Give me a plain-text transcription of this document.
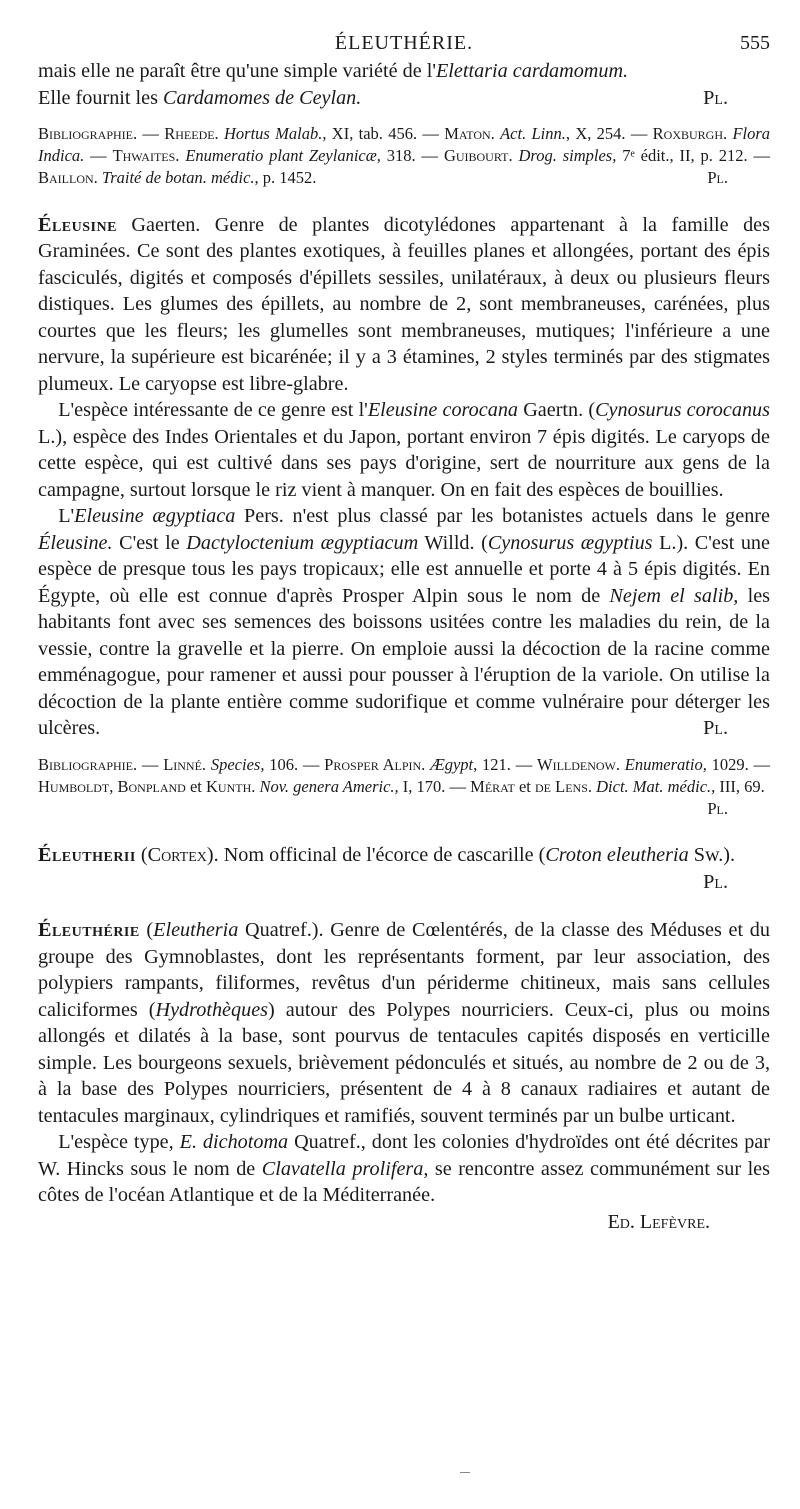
ÉLEUTHÉRIE.	555

mais elle ne paraît être qu'une simple variété de l'Elettaria cardamomum.
Elle fournit les Cardamomes de Ceylan.	Pl.

Bibliographie. — Rheede. Hortus Malab., XI, tab. 456. — Maton. Act. Linn., X, 254. — Roxburgh. Flora Indica. — Thwaites. Enumeratio plant Zeylanicæ, 318. — Guibourt. Drog. simples, 7ᵉ édit., II, p. 212. — Baillon. Traité de botan. médic., p. 1452.	Pl.

Éleusine Gaerten. Genre de plantes dicotylédones appartenant à la famille des Graminées. Ce sont des plantes exotiques, à feuilles planes et allongées, portant des épis fasciculés, digités et composés d'épillets sessiles, unilatéraux, à deux ou plusieurs fleurs distiques. Les glumes des épillets, au nombre de 2, sont membraneuses, carénées, plus courtes que les fleurs; les glumelles sont membraneuses, mutiques; l'inférieure a une nervure, la supérieure est bicarénée; il y a 3 étamines, 2 styles terminés par des stigmates plumeux. Le caryopse est libre-glabre.

L'espèce intéressante de ce genre est l'Eleusine corocana Gaertn. (Cynosurus corocanus L.), espèce des Indes Orientales et du Japon, portant environ 7 épis digités. Le caryops de cette espèce, qui est cultivé dans ses pays d'origine, sert de nourriture aux gens de la campagne, surtout lorsque le riz vient à manquer. On en fait des espèces de bouillies.

L'Eleusine ægyptiaca Pers. n'est plus classé par les botanistes actuels dans le genre Éleusine. C'est le Dactyloctenium ægyptiacum Willd. (Cynosurus ægyptius L.). C'est une espèce de presque tous les pays tropicaux; elle est annuelle et porte 4 à 5 épis digités. En Égypte, où elle est connue d'après Prosper Alpin sous le nom de Nejem el salib, les habitants font avec ses semences des boissons usitées contre les maladies du rein, de la vessie, contre la gravelle et la pierre. On emploie aussi la décoction de la racine comme emménagogue, pour ramener et aussi pour pousser à l'éruption de la variole. On utilise la décoction de la plante entière comme sudorifique et comme vulnéraire pour déterger les ulcères.	Pl.

Bibliographie. — Linné. Species, 106. — Prosper Alpin. Ægypt, 121. — Willdenow. Enumeratio, 1029. — Humboldt, Bonpland et Kunth. Nov. genera Americ., I, 170. — Mérat et de Lens. Dict. Mat. médic., III, 69.
Pl.

Éleutherii (Cortex). Nom officinal de l'écorce de cascarille (Croton eleutheria Sw.).
Pl.

Éleuthérie (Eleutheria Quatref.). Genre de Cœlentérés, de la classe des Méduses et du groupe des Gymnoblastes, dont les représentants forment, par leur association, des polypiers rampants, filiformes, revêtus d'un périderme chitineux, mais sans cellules caliciformes (Hydrothèques) autour des Polypes nourriciers. Ceux-ci, plus ou moins allongés et dilatés à la base, sont pourvus de tentacules capités disposés en verticille simple. Les bourgeons sexuels, brièvement pédonculés et situés, au nombre de 2 ou de 3, à la base des Polypes nourriciers, présentent de 4 à 8 canaux radiaires et autant de tentacules marginaux, cylindriques et ramifiés, souvent terminés par un bulbe urticant.

L'espèce type, E. dichotoma Quatref., dont les colonies d'hydroïdes ont été décrites par W. Hincks sous le nom de Clavatella prolifera, se rencontre assez communément sur les côtes de l'océan Atlantique et de la Méditerranée.

Ed. Lefèvre.
